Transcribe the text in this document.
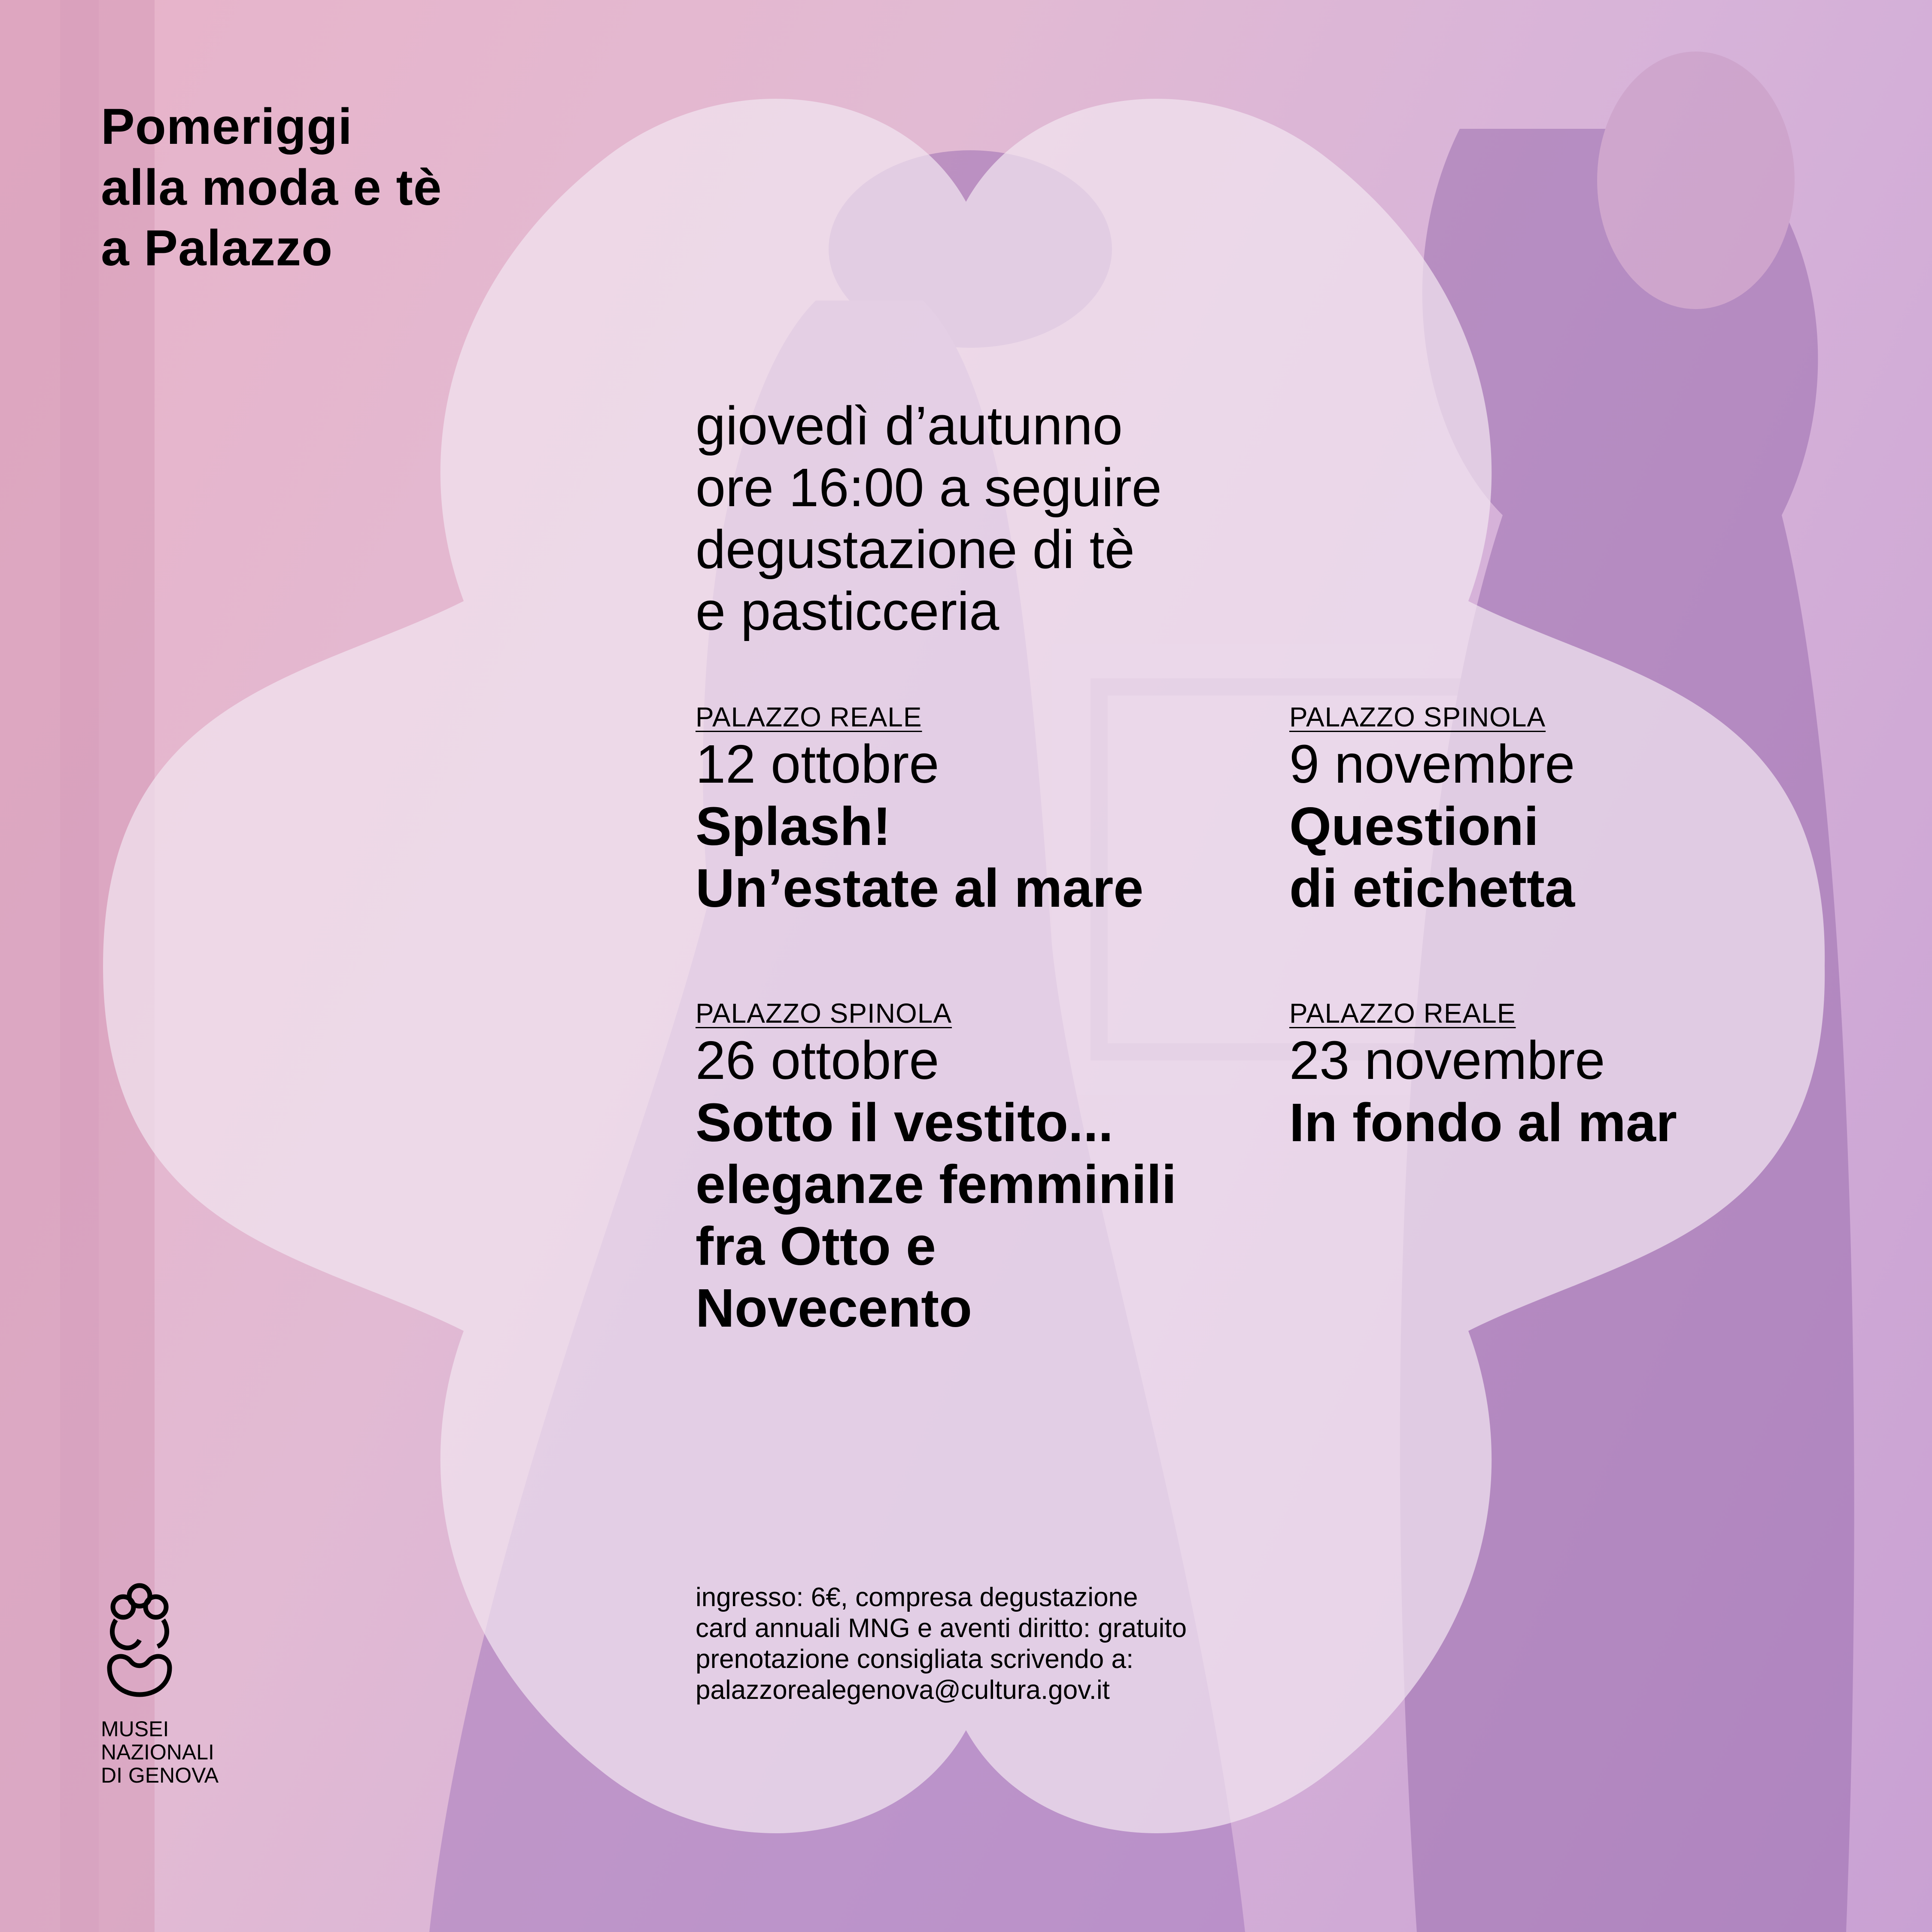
Pomeriggi
alla moda e tè
a Palazzo
giovedì d’autunno
ore 16:00 a seguire
degustazione di tè
e pasticceria
PALAZZO REALE
12 ottobre
Splash!
Un’estate al mare
PALAZZO SPINOLA
9 novembre
Questioni
di etichetta
PALAZZO SPINOLA
26 ottobre
Sotto il vestito...
eleganze femminili
fra Otto e
Novecento
PALAZZO REALE
23 novembre
In fondo al mar
ingresso: 6€, compresa degustazione
card annuali MNG e aventi diritto: gratuito
prenotazione consigliata scrivendo a:
palazzorealegenova@cultura.gov.it
MUSEI
NAZIONALI
DI GENOVA
